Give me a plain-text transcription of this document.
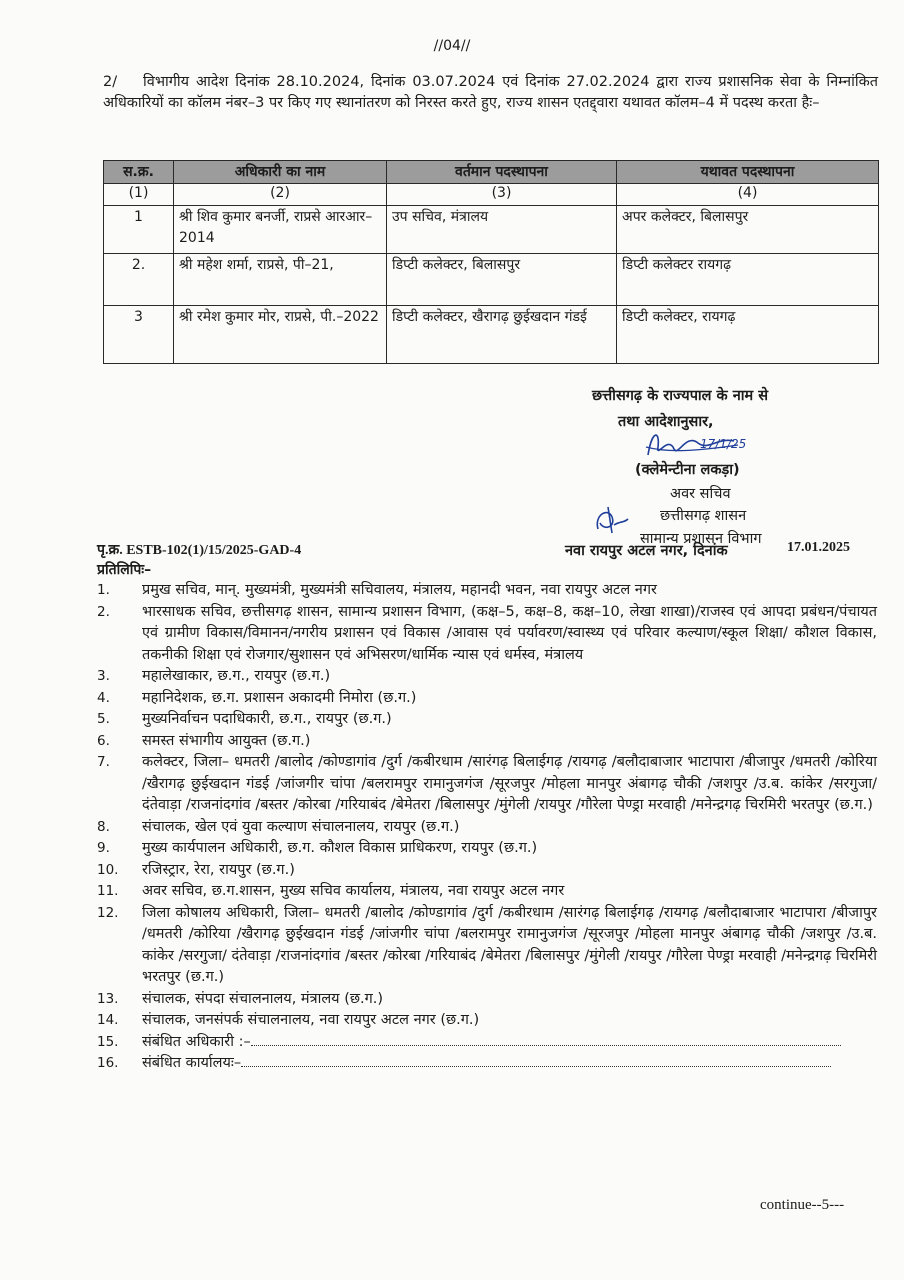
//04//
2/ विभागीय आदेश दिनांक 28.10.2024, दिनांक 03.07.2024 एवं दिनांक 27.02.2024 द्वारा राज्य प्रशासनिक सेवा के निम्नांकित अधिकारियों का कॉलम नंबर–3 पर किए गए स्थानांतरण को निरस्त करते हुए, राज्य शासन एतद्द्वारा यथावत कॉलम–4 में पदस्थ करता हैः–
स.क्र.	अधिकारी का नाम	वर्तमान पदस्थापना	यथावत पदस्थापना
(1)	(2)	(3)	(4)
1	श्री शिव कुमार बनर्जी, राप्रसे आरआर–2014	उप सचिव, मंत्रालय	अपर कलेक्टर, बिलासपुर
2.	श्री महेश शर्मा, राप्रसे, पी–21,	डिप्टी कलेक्टर, बिलासपुर	डिप्टी कलेक्टर रायगढ़
3	श्री रमेश कुमार मोर, राप्रसे, पी.–2022	डिप्टी कलेक्टर, खैरागढ़ छुईखदान गंडई	डिप्टी कलेक्टर, रायगढ़
छत्तीसगढ़ के राज्यपाल के नाम से
तथा आदेशानुसार,
17/1/25
(क्लेमेन्टीना लकड़ा)
अवर सचिव
छत्तीसगढ़ शासन
सामान्य प्रशासन विभाग
पृ.क्र. ESTB-102(1)/15/2025-GAD-4	नवा रायपुर अटल नगर, दिनांक	17.01.2025
प्रतिलिपिः–
1.	प्रमुख सचिव, मान्. मुख्यमंत्री, मुख्यमंत्री सचिवालय, मंत्रालय, महानदी भवन, नवा रायपुर अटल नगर
2.	भारसाधक सचिव, छत्तीसगढ़ शासन, सामान्य प्रशासन विभाग, (कक्ष–5, कक्ष–8, कक्ष–10, लेखा शाखा)/राजस्व एवं आपदा प्रबंधन/पंचायत एवं ग्रामीण विकास/विमानन/नगरीय प्रशासन एवं विकास /आवास एवं पर्यावरण/स्वास्थ्य एवं परिवार कल्याण/स्कूल शिक्षा/ कौशल विकास, तकनीकी शिक्षा एवं रोजगार/सुशासन एवं अभिसरण/धार्मिक न्यास एवं धर्मस्व, मंत्रालय
3.	महालेखाकार, छ.ग., रायपुर (छ.ग.)
4.	महानिदेशक, छ.ग. प्रशासन अकादमी निमोरा (छ.ग.)
5.	मुख्यनिर्वाचन पदाधिकारी, छ.ग., रायपुर (छ.ग.)
6.	समस्त संभागीय आयुक्त (छ.ग.)
7.	कलेक्टर, जिला– धमतरी /बालोद /कोण्डागांव /दुर्ग /कबीरधाम /सारंगढ़ बिलाईगढ़ /रायगढ़ /बलौदाबाजार भाटापारा /बीजापुर /धमतरी /कोरिया /खैरागढ़ छुईखदान गंडई /जांजगीर चांपा /बलरामपुर रामानुजगंज /सूरजपुर /मोहला मानपुर अंबागढ़ चौकी /जशपुर /उ.ब. कांकेर /सरगुजा/ दंतेवाड़ा /राजनांदगांव /बस्तर /कोरबा /गरियाबंद /बेमेतरा /बिलासपुर /मुंगेली /रायपुर /गौरेला पेण्ड्रा मरवाही /मनेन्द्रगढ़ चिरमिरी भरतपुर (छ.ग.)
8.	संचालक, खेल एवं युवा कल्याण संचालनालय, रायपुर (छ.ग.)
9.	मुख्य कार्यपालन अधिकारी, छ.ग. कौशल विकास प्राधिकरण, रायपुर (छ.ग.)
10.	रजिस्ट्रार, रेरा, रायपुर (छ.ग.)
11.	अवर सचिव, छ.ग.शासन, मुख्य सचिव कार्यालय, मंत्रालय, नवा रायपुर अटल नगर
12.	जिला कोषालय अधिकारी, जिला– धमतरी /बालोद /कोण्डागांव /दुर्ग /कबीरधाम /सारंगढ़ बिलाईगढ़ /रायगढ़ /बलौदाबाजार भाटापारा /बीजापुर /धमतरी /कोरिया /खैरागढ़ छुईखदान गंडई /जांजगीर चांपा /बलरामपुर रामानुजगंज /सूरजपुर /मोहला मानपुर अंबागढ़ चौकी /जशपुर /उ.ब. कांकेर /सरगुजा/ दंतेवाड़ा /राजनांदगांव /बस्तर /कोरबा /गरियाबंद /बेमेतरा /बिलासपुर /मुंगेली /रायपुर /गौरेला पेण्ड्रा मरवाही /मनेन्द्रगढ़ चिरमिरी भरतपुर (छ.ग.)
13.	संचालक, संपदा संचालनालय, मंत्रालय (छ.ग.)
14.	संचालक, जनसंपर्क संचालनालय, नवा रायपुर अटल नगर (छ.ग.)
15.	संबंधित अधिकारी :–
16.	संबंधित कार्यालयः–
continue--5---
